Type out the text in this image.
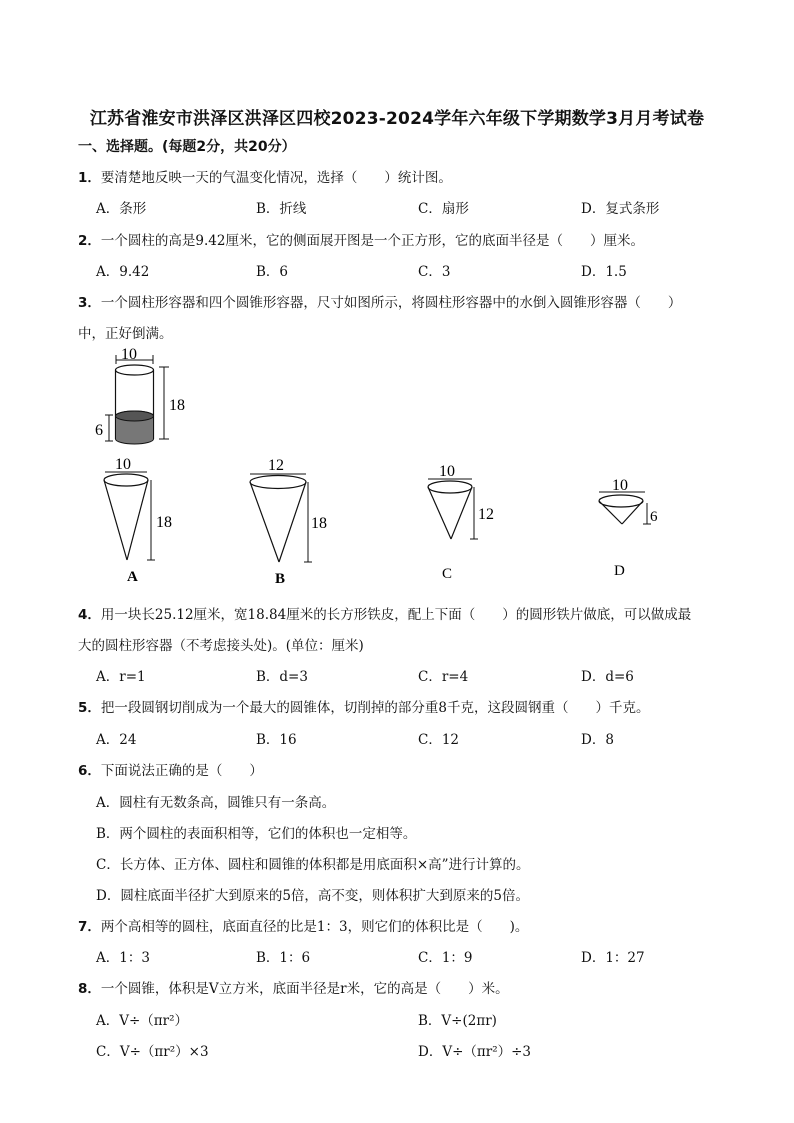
江苏省淮安市洪泽区洪泽区四校2023-2024学年六年级下学期数学3月月考试卷
一、选择题。(每题2分，共20分）
1．要清楚地反映一天的气温变化情况，选择（　　）统计图。
A．条形	B．折线	C．扇形	D．复式条形
2．一个圆柱的高是9.42厘米，它的侧面展开图是一个正方形，它的底面半径是（　　）厘米。
A．9.42	B．6	C．3	D．1.5
3．一个圆柱形容器和四个圆锥形容器，尺寸如图所示，将圆柱形容器中的水倒入圆锥形容器（　　）
中，正好倒满。
10
18
6
10
18
A
12
18
B
10
12
C
10
6
D
4．用一块长25.12厘米，宽18.84厘米的长方形铁皮，配上下面（　　）的圆形铁片做底，可以做成最
大的圆柱形容器（不考虑接头处)。(单位：厘米)
A．r=1	B．d=3	C．r=4	D．d=6
5．把一段圆钢切削成为一个最大的圆锥体，切削掉的部分重8千克，这段圆钢重（　　）千克。
A．24	B．16	C．12	D．8
6．下面说法正确的是（　　）
A．圆柱有无数条高，圆锥只有一条高。
B．两个圆柱的表面积相等，它们的体积也一定相等。
C．长方体、正方体、圆柱和圆锥的体积都是用底面积×高”进行计算的。
D．圆柱底面半径扩大到原来的5倍，高不变，则体积扩大到原来的5倍。
7．两个高相等的圆柱，底面直径的比是1：3，则它们的体积比是（　　)。
A．1：3	B．1：6	C．1：9	D．1：27
8．一个圆锥，体积是V立方米，底面半径是r米，它的高是（　　）米。
A．V÷（πr²）	B．V÷(2πr)
C．V÷（πr²）×3	D．V÷（πr²）÷3
